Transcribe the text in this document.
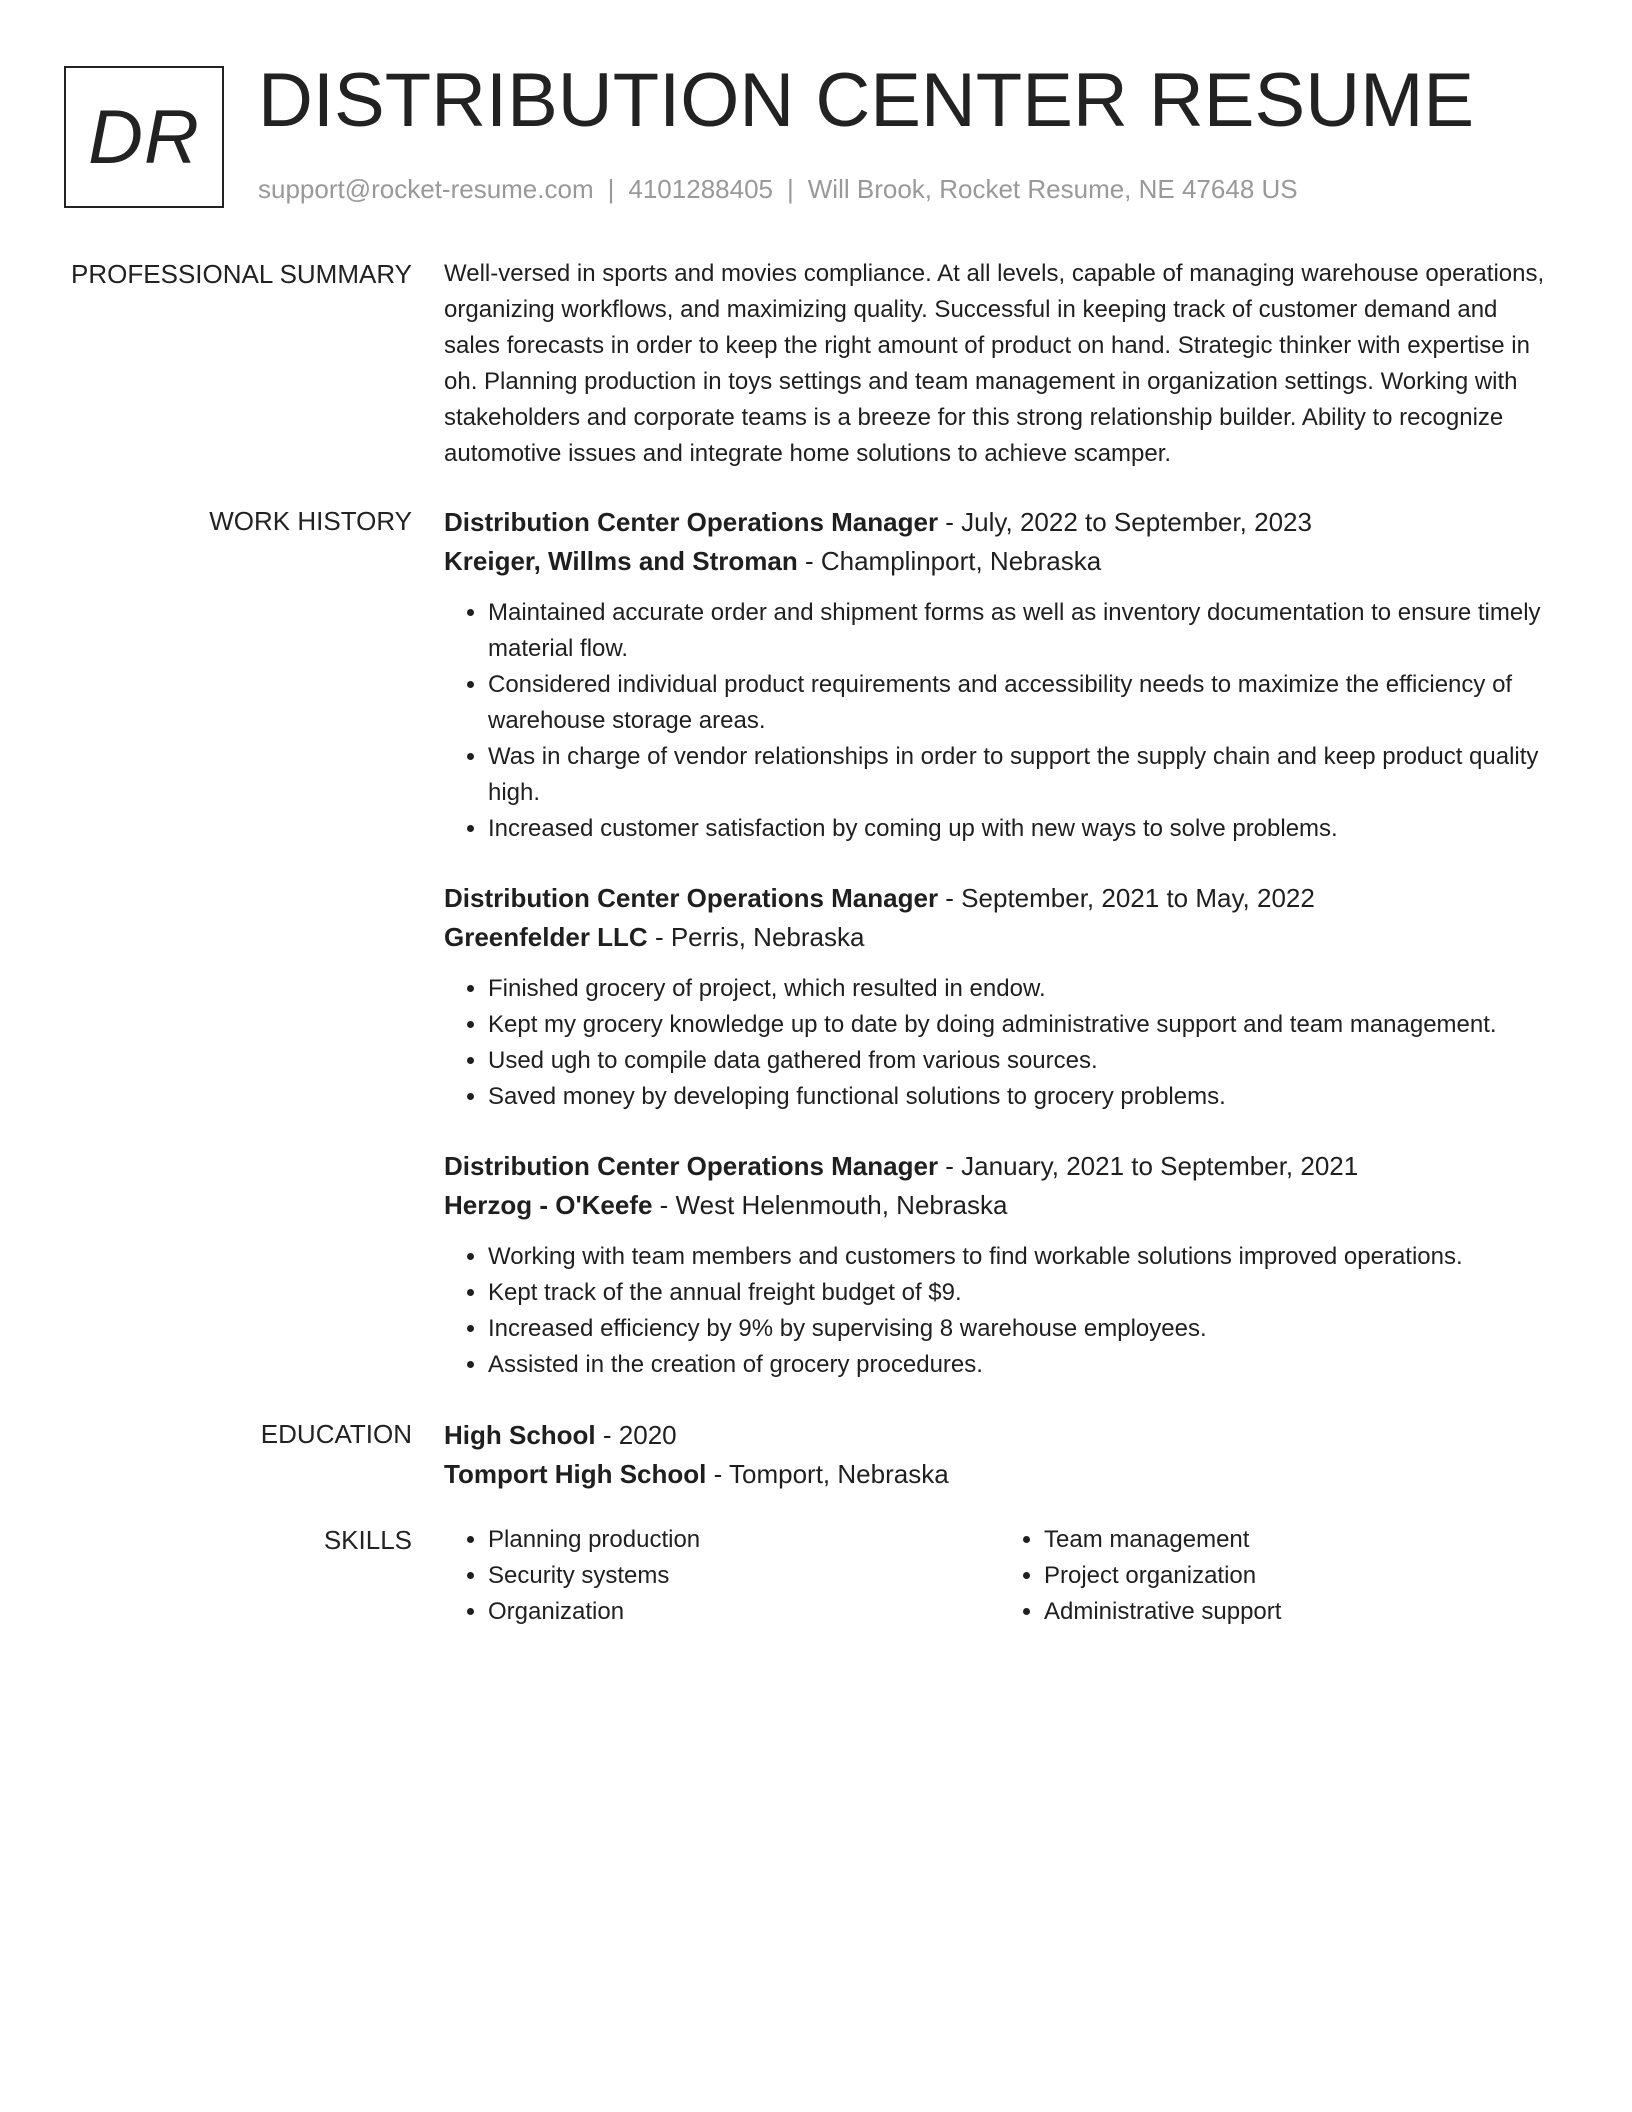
DR DISTRIBUTION CENTER RESUME
support@rocket-resume.com | 4101288405 | Will Brook, Rocket Resume, NE 47648 US
PROFESSIONAL SUMMARY Well-versed in sports and movies compliance. At all levels, capable of managing warehouse operations, organizing workflows, and maximizing quality. Successful in keeping track of customer demand and sales forecasts in order to keep the right amount of product on hand. Strategic thinker with expertise in oh. Planning production in toys settings and team management in organization settings. Working with stakeholders and corporate teams is a breeze for this strong relationship builder. Ability to recognize automotive issues and integrate home solutions to achieve scamper.

WORK HISTORY Distribution Center Operations Manager - July, 2022 to September, 2023
Kreiger, Willms and Stroman - Champlinport, Nebraska
• Maintained accurate order and shipment forms as well as inventory documentation to ensure timely material flow.
• Considered individual product requirements and accessibility needs to maximize the efficiency of warehouse storage areas.
• Was in charge of vendor relationships in order to support the supply chain and keep product quality high.
• Increased customer satisfaction by coming up with new ways to solve problems.
Distribution Center Operations Manager - September, 2021 to May, 2022
Greenfelder LLC - Perris, Nebraska
• Finished grocery of project, which resulted in endow.
• Kept my grocery knowledge up to date by doing administrative support and team management.
• Used ugh to compile data gathered from various sources.
• Saved money by developing functional solutions to grocery problems.
Distribution Center Operations Manager - January, 2021 to September, 2021
Herzog - O'Keefe - West Helenmouth, Nebraska
• Working with team members and customers to find workable solutions improved operations.
• Kept track of the annual freight budget of $9.
• Increased efficiency by 9% by supervising 8 warehouse employees.
• Assisted in the creation of grocery procedures.
EDUCATION High School - 2020
Tomport High School - Tomport, Nebraska
SKILLS
•	Planning production
• Security systems
• Organization
• Team management
• Project organization
• Administrative support
